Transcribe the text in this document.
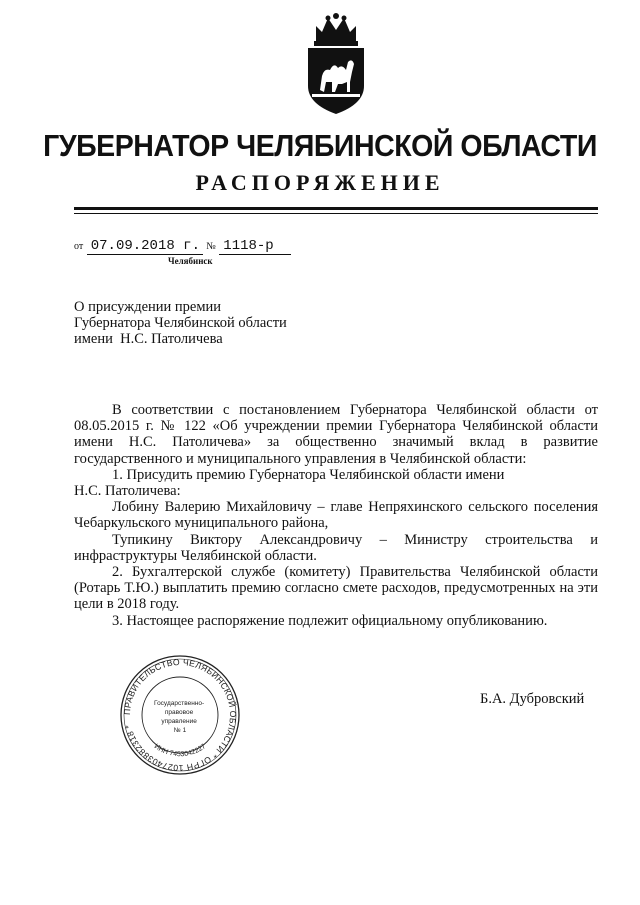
ГУБЕРНАТОР ЧЕЛЯБИНСКОЙ ОБЛАСТИ
РАСПОРЯЖЕНИЕ
от 07.09.2018 г. № 1118-р
Челябинск
О присуждении премии
Губернатора Челябинской области
имени  Н.С. Патоличева

В соответствии с постановлением Губернатора Челябинской области от 08.05.2015 г. № 122 «Об учреждении премии Губернатора Челябинской области имени Н.С. Патоличева» за общественно значимый вклад в развитие государственного и муниципального управления в Челябинской области:

1. Присудить премию Губернатора Челябинской области имени

Н.С. Патоличева:

Лобину Валерию Михайловичу – главе Непряхинского сельского поселения Чебаркульского муниципального района,

Тупикину Виктору Александровичу – Министру строительства и инфраструктуры Челябинской области.

2. Бухгалтерской службе (комитету) Правительства Челябинской области (Ротарь Т.Ю.) выплатить премию согласно смете расходов, предусмотренных на эти цели в 2018 году.

3. Настоящее распоряжение подлежит официальному опубликованию.

ПРАВИТЕЛЬСТВО ЧЕЛЯБИНСКОЙ ОБЛАСТИ * ОГРН 1027403882318 *
Государственно- правовое управление № 1
ИНН 7453042227
Б.А. Дубровский
